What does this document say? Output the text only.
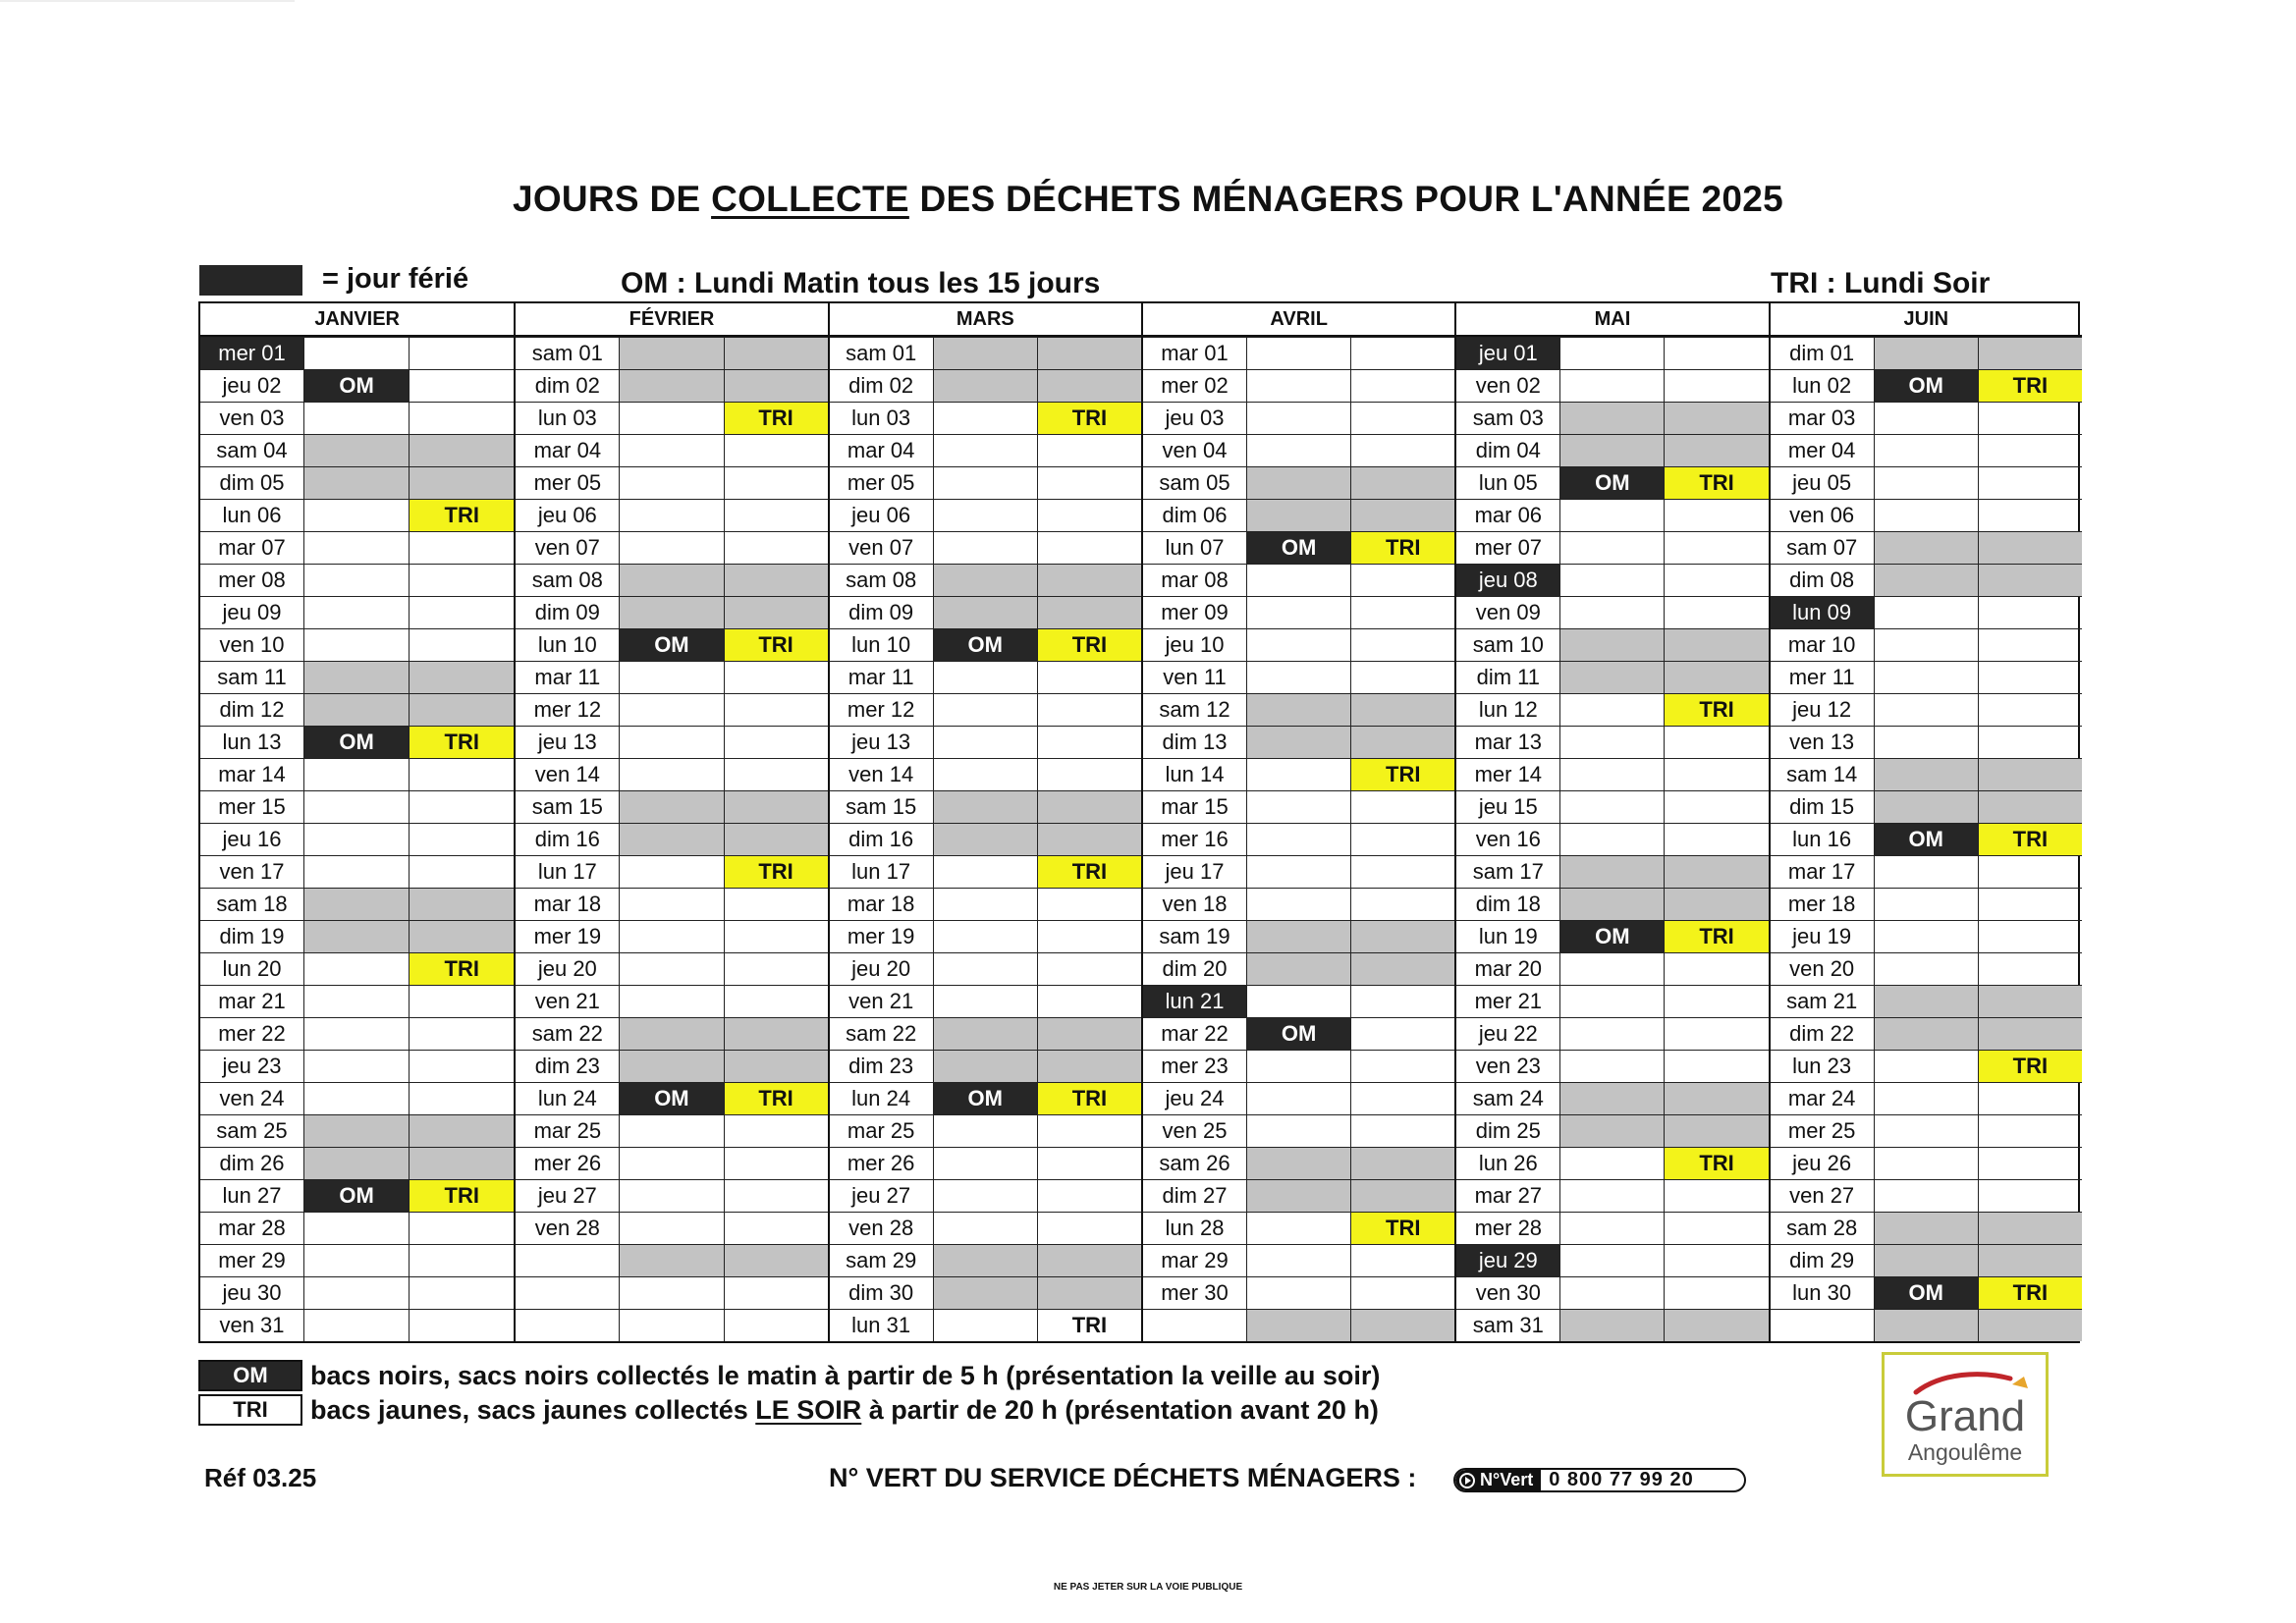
JOURS DE COLLECTE DES DÉCHETS MÉNAGERS POUR L'ANNÉE 2025
= jour férié	OM : Lundi Matin tous les 15 jours	TRI : Lundi Soir
JANVIER
mer 01
jeu 02	OM
ven 03
sam 04
dim 05
lun 06	TRI
mar 07
mer 08
jeu 09
ven 10
sam 11
dim 12
lun 13	OM	TRI
mar 14
mer 15
jeu 16
ven 17
sam 18
dim 19
lun 20	TRI
mar 21
mer 22
jeu 23
ven 24
sam 25
dim 26
lun 27	OM	TRI
mar 28
mer 29
jeu 30
ven 31
FÉVRIER
sam 01
dim 02
lun 03	TRI
mar 04
mer 05
jeu 06
ven 07
sam 08
dim 09
lun 10	OM	TRI
mar 11
mer 12
jeu 13
ven 14
sam 15
dim 16
lun 17	TRI
mar 18
mer 19
jeu 20
ven 21
sam 22
dim 23
lun 24	OM	TRI
mar 25
mer 26
jeu 27
ven 28
MARS
sam 01
dim 02
lun 03	TRI
mar 04
mer 05
jeu 06
ven 07
sam 08
dim 09
lun 10	OM	TRI
mar 11
mer 12
jeu 13
ven 14
sam 15
dim 16
lun 17	TRI
mar 18
mer 19
jeu 20
ven 21
sam 22
dim 23
lun 24	OM	TRI
mar 25
mer 26
jeu 27
ven 28
sam 29
dim 30
lun 31	TRI
AVRIL
mar 01
mer 02
jeu 03
ven 04
sam 05
dim 06
lun 07	OM	TRI
mar 08
mer 09
jeu 10
ven 11
sam 12
dim 13
lun 14	TRI
mar 15
mer 16
jeu 17
ven 18
sam 19
dim 20
lun 21
mar 22	OM
mer 23
jeu 24
ven 25
sam 26
dim 27
lun 28	TRI
mar 29
mer 30
MAI
jeu 01
ven 02
sam 03
dim 04
lun 05	OM	TRI
mar 06
mer 07
jeu 08
ven 09
sam 10
dim 11
lun 12	TRI
mar 13
mer 14
jeu 15
ven 16
sam 17
dim 18
lun 19	OM	TRI
mar 20
mer 21
jeu 22
ven 23
sam 24
dim 25
lun 26	TRI
mar 27
mer 28
jeu 29
ven 30
sam 31
JUIN
dim 01
lun 02	OM	TRI
mar 03
mer 04
jeu 05
ven 06
sam 07
dim 08
lun 09
mar 10
mer 11
jeu 12
ven 13
sam 14
dim 15
lun 16	OM	TRI
mar 17
mer 18
jeu 19
ven 20
sam 21
dim 22
lun 23	TRI
mar 24
mer 25
jeu 26
ven 27
sam 28
dim 29
lun 30	OM	TRI
OM	bacs noirs, sacs noirs collectés le matin à partir de 5 h (présentation la veille au soir)
TRI	bacs jaunes, sacs jaunes collectés LE SOIR à partir de 20 h (présentation avant 20 h)
Réf 03.25	N° VERT DU SERVICE DÉCHETS MÉNAGERS :	N°Vert 0 800 77 99 20
Grand
Angoulême
NE PAS JETER SUR LA VOIE PUBLIQUE
